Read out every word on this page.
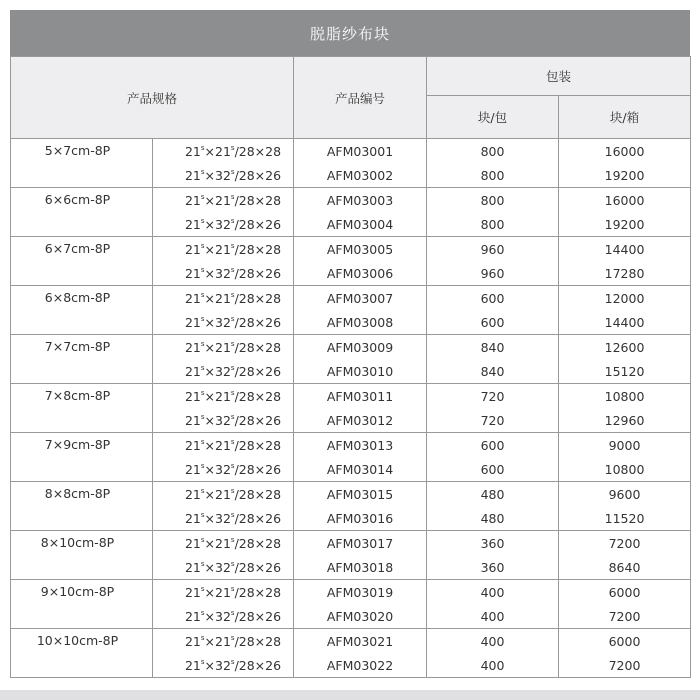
脱脂纱布块
产品规格		产品编号	包装	
			块/包	块/箱
5×7cm-8P	$21^s\times 21^s/28\times 28$	AFM03001	800	16000
	$21^s\times 32^s/28\times 26$	AFM03002	800	19200
6×6cm-8P	$21^s\times 21^s/28\times 28$	AFM03003	800	16000
	$21^s\times 32^s/28\times 26$	AFM03004	800	19200
6×7cm-8P	$21^s\times 21^s/28\times 28$	AFM03005	960	14400
	$21^s\times 32^s/28\times 26$	AFM03006	960	17280
6×8cm-8P	$21^s\times 21^s/28\times 28$	AFM03007	600	12000
	$21^s\times 32^s/28\times 26$	AFM03008	600	14400
7×7cm-8P	$21^s\times 21^s/28\times 28$	AFM03009	840	12600
	$21^s\times 32^s/28\times 26$	AFM03010	840	15120
7×8cm-8P	$21^s\times 21^s/28\times 28$	AFM03011	720	10800
	$21^s\times 32^s/28\times 26$	AFM03012	720	12960
7×9cm-8P	$21^s\times 21^s/28\times 28$	AFM03013	600	9000
	$21^s\times 32^s/28\times 26$	AFM03014	600	10800
8×8cm-8P	$21^s\times 21^s/28\times 28$	AFM03015	480	9600
	$21^s\times 32^s/28\times 26$	AFM03016	480	11520
8×10cm-8P	$21^s\times 21^s/28\times 28$	AFM03017	360	7200
	$21^s\times 32^s/28\times 26$	AFM03018	360	8640
9×10cm-8P	$21^s\times 21^s/28\times 28$	AFM03019	400	6000
	$21^s\times 32^s/28\times 26$	AFM03020	400	7200
10×10cm-8P	$21^s\times 21^s/28\times 28$	AFM03021	400	6000
	$21^s\times 32^s/28\times 26$	AFM03022	400	7200
